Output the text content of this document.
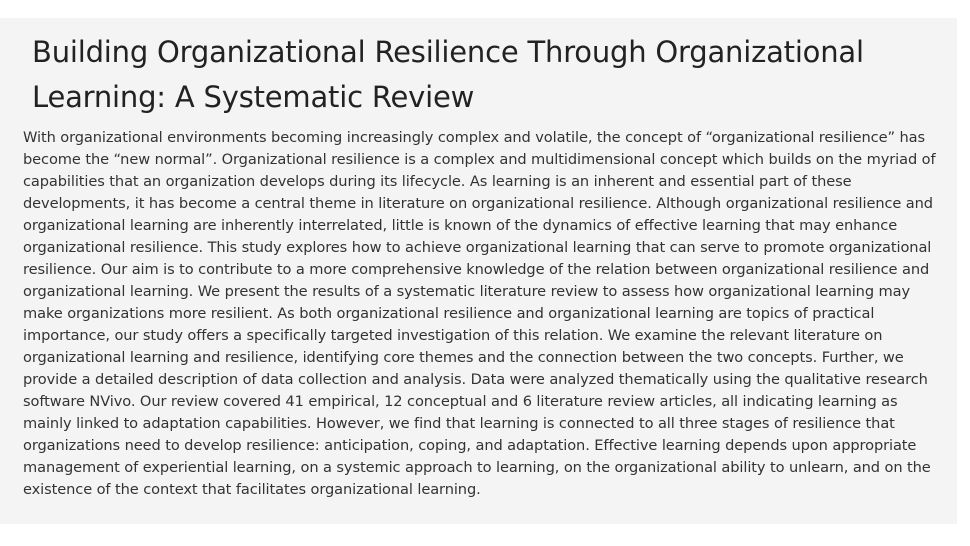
Building Organizational Resilience Through Organizational Learning: A Systematic Review

With organizational environments becoming increasingly complex and volatile, the concept of “organizational resilience” has become the “new normal”. Organizational resilience is a complex and multidimensional concept which builds on the myriad of capabilities that an organization develops during its lifecycle. As learning is an inherent and essential part of these developments, it has become a central theme in literature on organizational resilience. Although organizational resilience and organizational learning are inherently interrelated, little is known of the dynamics of effective learning that may enhance organizational resilience. This study explores how to achieve organizational learning that can serve to promote organizational resilience. Our aim is to contribute to a more comprehensive knowledge of the relation between organizational resilience and organizational learning. We present the results of a systematic literature review to assess how organizational learning may make organizations more resilient. As both organizational resilience and organizational learning are topics of practical importance, our study offers a specifically targeted investigation of this relation. We examine the relevant literature on organizational learning and resilience, identifying core themes and the connection between the two concepts. Further, we provide a detailed description of data collection and analysis. Data were analyzed thematically using the qualitative research software NVivo. Our review covered 41 empirical, 12 conceptual and 6 literature review articles, all indicating learning as mainly linked to adaptation capabilities. However, we find that learning is connected to all three stages of resilience that organizations need to develop resilience: anticipation, coping, and adaptation. Effective learning depends upon appropriate management of experiential learning, on a systemic approach to learning, on the organizational ability to unlearn, and on the existence of the context that facilitates organizational learning.
